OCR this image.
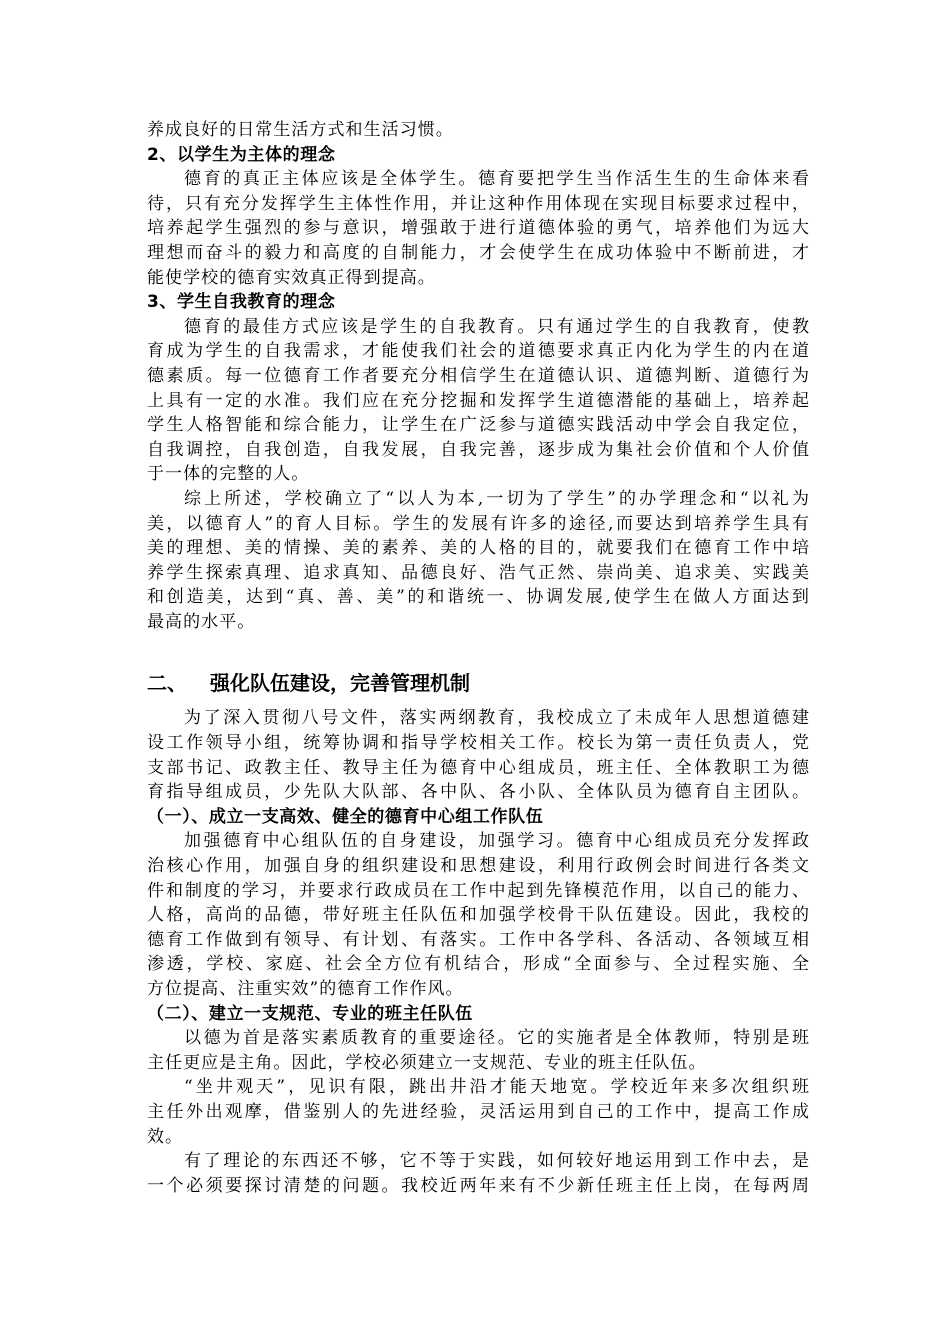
养成良好的日常生活方式和生活习惯。
2、以学生为主体的理念
德育的真正主体应该是全体学生。德育要把学生当作活生生的生命体来看
待，只有充分发挥学生主体性作用，并让这种作用体现在实现目标要求过程中，
培养起学生强烈的参与意识，增强敢于进行道德体验的勇气，培养他们为远大
理想而奋斗的毅力和高度的自制能力，才会使学生在成功体验中不断前进，才
能使学校的德育实效真正得到提高。
3、学生自我教育的理念
德育的最佳方式应该是学生的自我教育。只有通过学生的自我教育，使教
育成为学生的自我需求，才能使我们社会的道德要求真正内化为学生的内在道
德素质。每一位德育工作者要充分相信学生在道德认识、道德判断、道德行为
上具有一定的水准。我们应在充分挖掘和发挥学生道德潜能的基础上，培养起
学生人格智能和综合能力，让学生在广泛参与道德实践活动中学会自我定位，
自我调控，自我创造，自我发展，自我完善，逐步成为集社会价值和个人价值
于一体的完整的人。
综上所述，学校确立了“以人为本,一切为了学生”的办学理念和“以礼为
美，以德育人”的育人目标。学生的发展有许多的途径,而要达到培养学生具有
美的理想、美的情操、美的素养、美的人格的目的，就要我们在德育工作中培
养学生探索真理、追求真知、品德良好、浩气正然、崇尚美、追求美、实践美
和创造美，达到“真、善、美”的和谐统一、协调发展,使学生在做人方面达到
最高的水平。
二、 强化队伍建设，完善管理机制
为了深入贯彻八号文件，落实两纲教育，我校成立了未成年人思想道德建
设工作领导小组，统筹协调和指导学校相关工作。校长为第一责任负责人，党
支部书记、政教主任、教导主任为德育中心组成员，班主任、全体教职工为德
育指导组成员，少先队大队部、各中队、各小队、全体队员为德育自主团队。
（一）、成立一支高效、健全的德育中心组工作队伍
加强德育中心组队伍的自身建设，加强学习。德育中心组成员充分发挥政
治核心作用，加强自身的组织建设和思想建设，利用行政例会时间进行各类文
件和制度的学习，并要求行政成员在工作中起到先锋模范作用，以自己的能力、
人格，高尚的品德，带好班主任队伍和加强学校骨干队伍建设。因此，我校的
德育工作做到有领导、有计划、有落实。工作中各学科、各活动、各领域互相
渗透，学校、家庭、社会全方位有机结合，形成“全面参与、全过程实施、全
方位提高、注重实效”的德育工作作风。
（二）、建立一支规范、专业的班主任队伍
以德为首是落实素质教育的重要途径。它的实施者是全体教师，特别是班
主任更应是主角。因此，学校必须建立一支规范、专业的班主任队伍。
“坐井观天”，见识有限，跳出井沿才能天地宽。学校近年来多次组织班
主任外出观摩，借鉴别人的先进经验，灵活运用到自己的工作中，提高工作成
效。
有了理论的东西还不够，它不等于实践，如何较好地运用到工作中去，是
一个必须要探讨清楚的问题。我校近两年来有不少新任班主任上岗，在每两周
